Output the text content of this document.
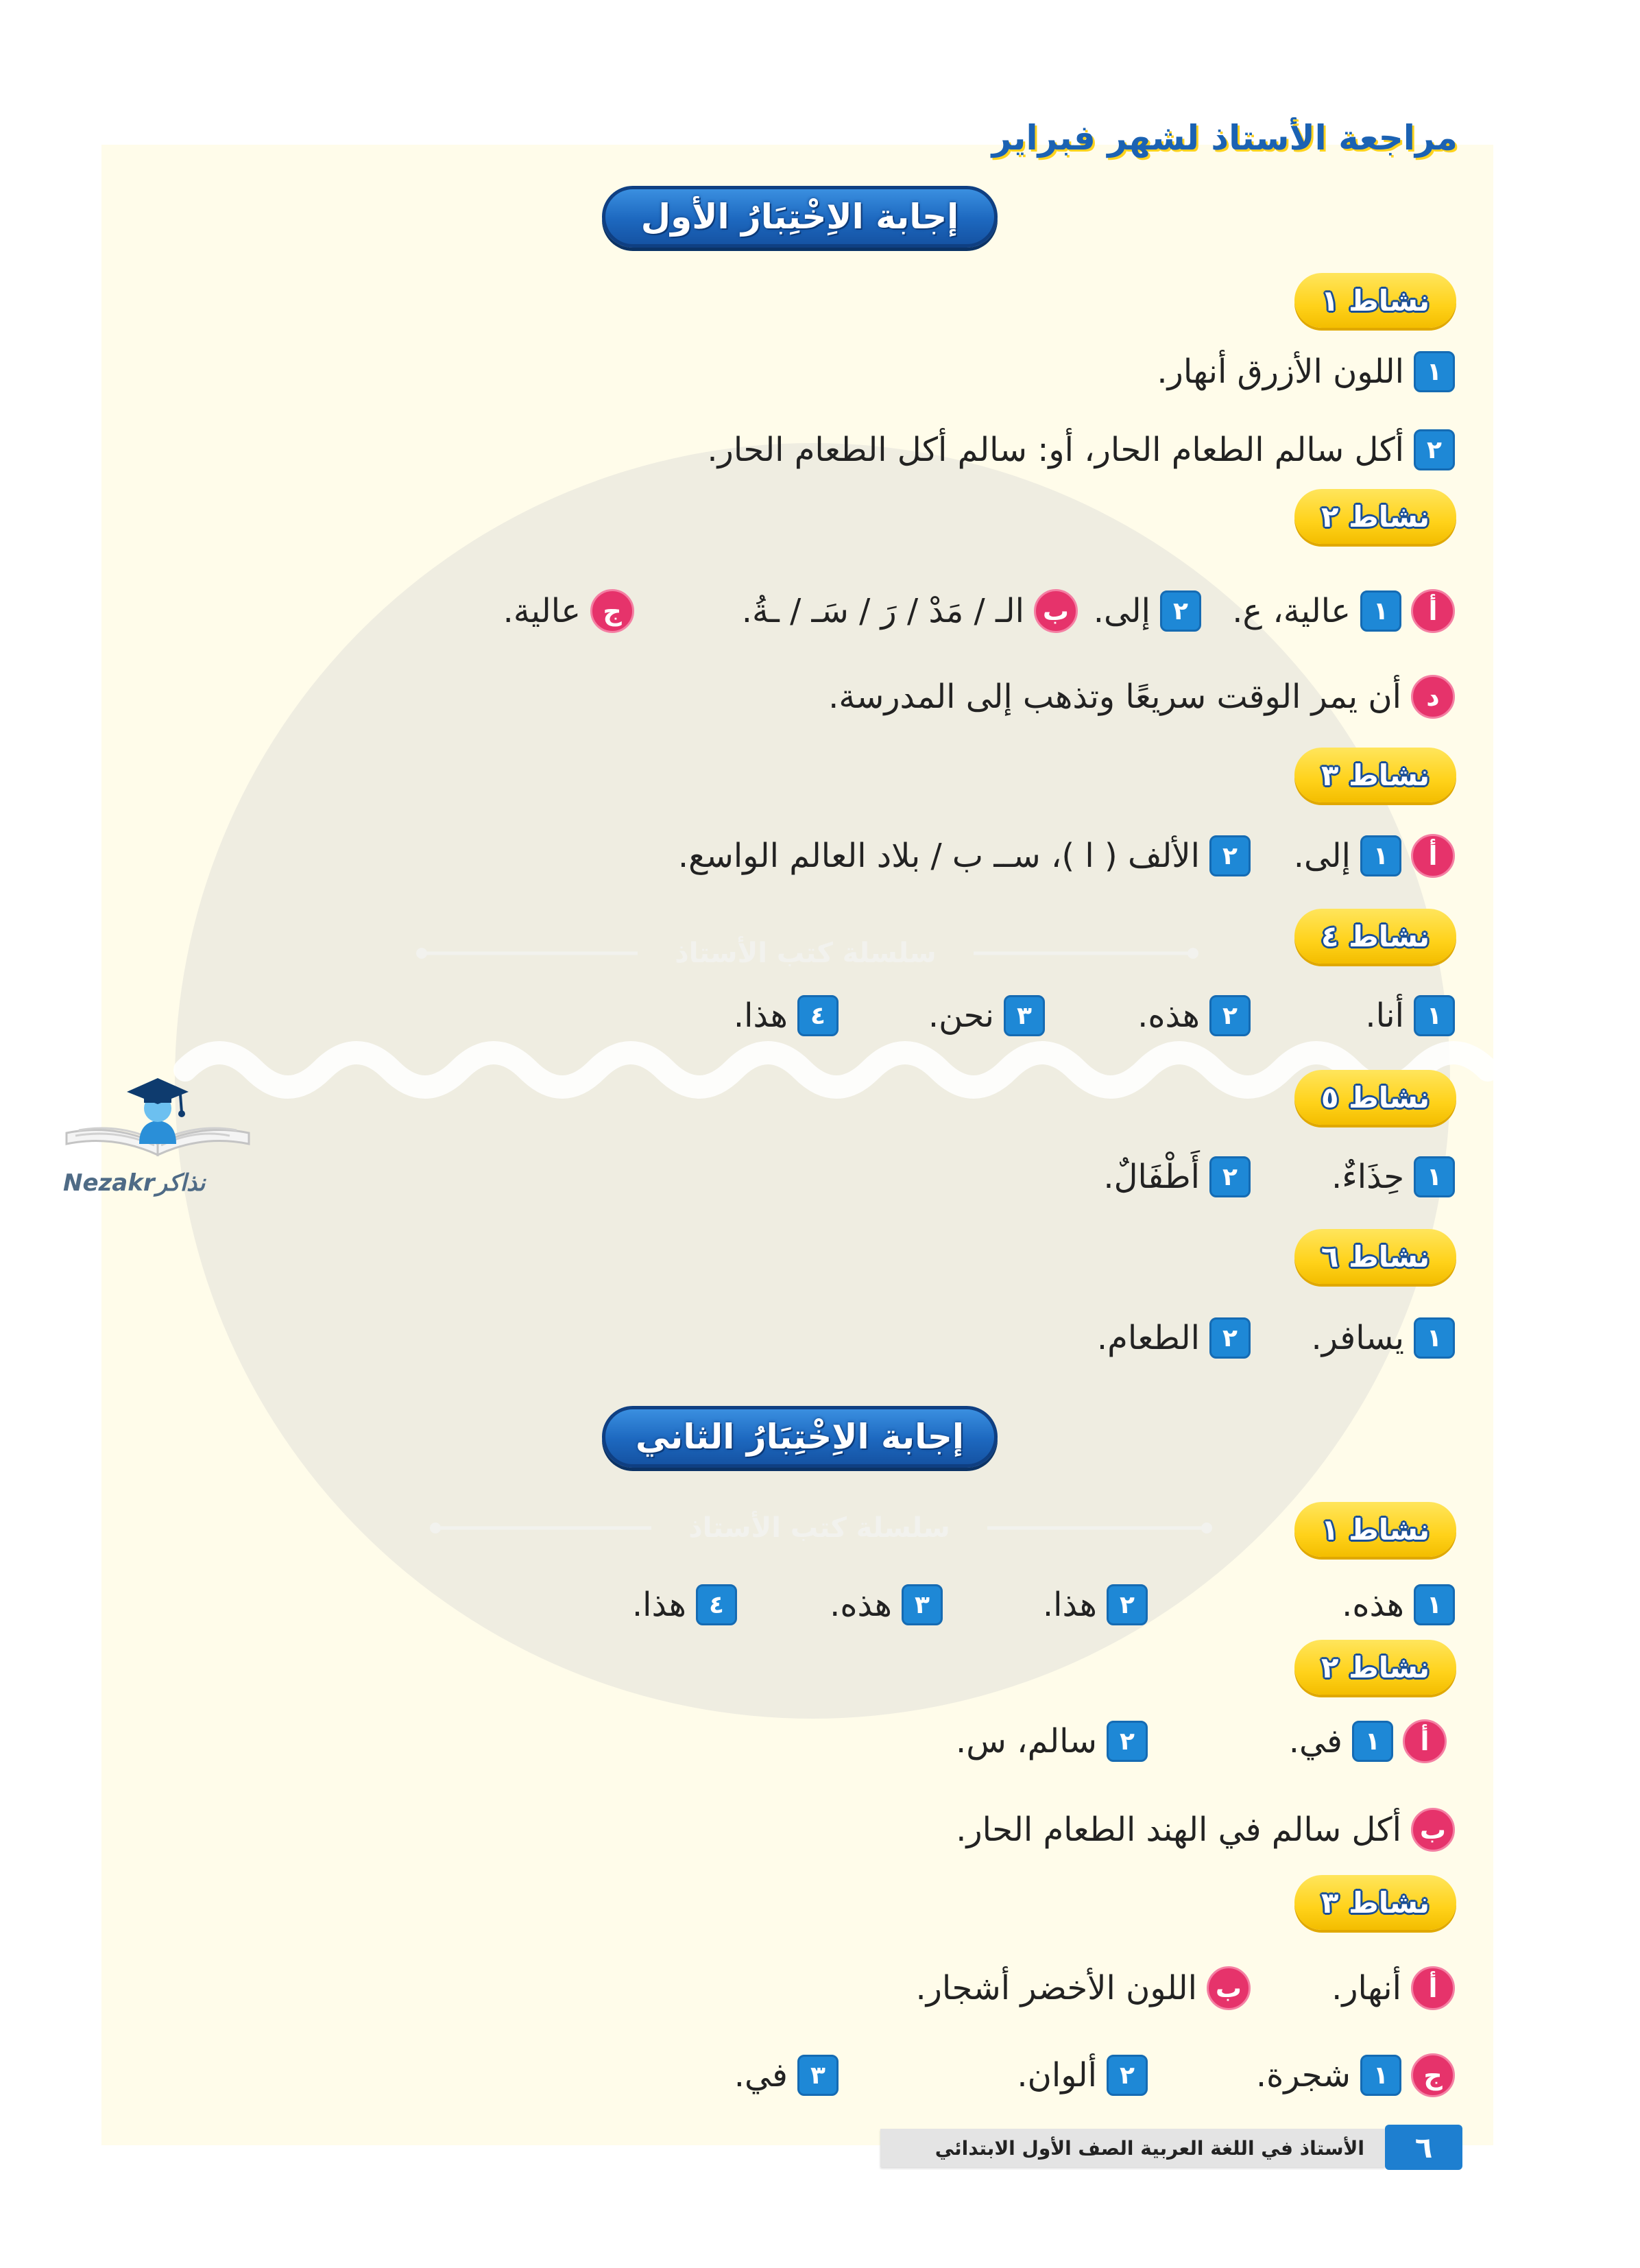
سلسلة كتب الأستاذ
سلسلة كتب الأستاذ
مراجعة الأستاذ لشهر فبراير
Nezakr نذاكر
إجابة الاِخْتِبَارُ الأول
نشاط ١
١
اللون الأزرق أنهار.
٢
أكل سالم الطعام الحار، أو: سالم أكل الطعام الحار.
نشاط ٢
أ
١
عالية، ع.
٢
إلى.
ب
الـ / مَدْ / رَ / سَـ / ـةُ.
ج
عالية.
د
أن يمر الوقت سريعًا وتذهب إلى المدرسة.
نشاط ٣
أ
١
إلى.
٢
الألف ( ا )، ســ ب / بلاد العالم الواسع.
نشاط ٤
١
أنا.
٢
هذه.
٣
نحن.
٤
هذا.
نشاط ٥
١
حِذَاءٌ.
٢
أَطْفَالٌ.
نشاط ٦
١
يسافر.
٢
الطعام.
إجابة الاِخْتِبَارُ الثاني
نشاط ١
١
هذه.
٢
هذا.
٣
هذه.
٤
هذا.
نشاط ٢
أ
١
في.
٢
سالم، س.
ب
أكل سالم في الهند الطعام الحار.
نشاط ٣
أ
أنهار.
ب
اللون الأخضر أشجار.
ج
١
شجرة.
٢
ألوان.
٣
في.
الأستاذ في اللغة العربية الصف الأول الابتدائي	٦
